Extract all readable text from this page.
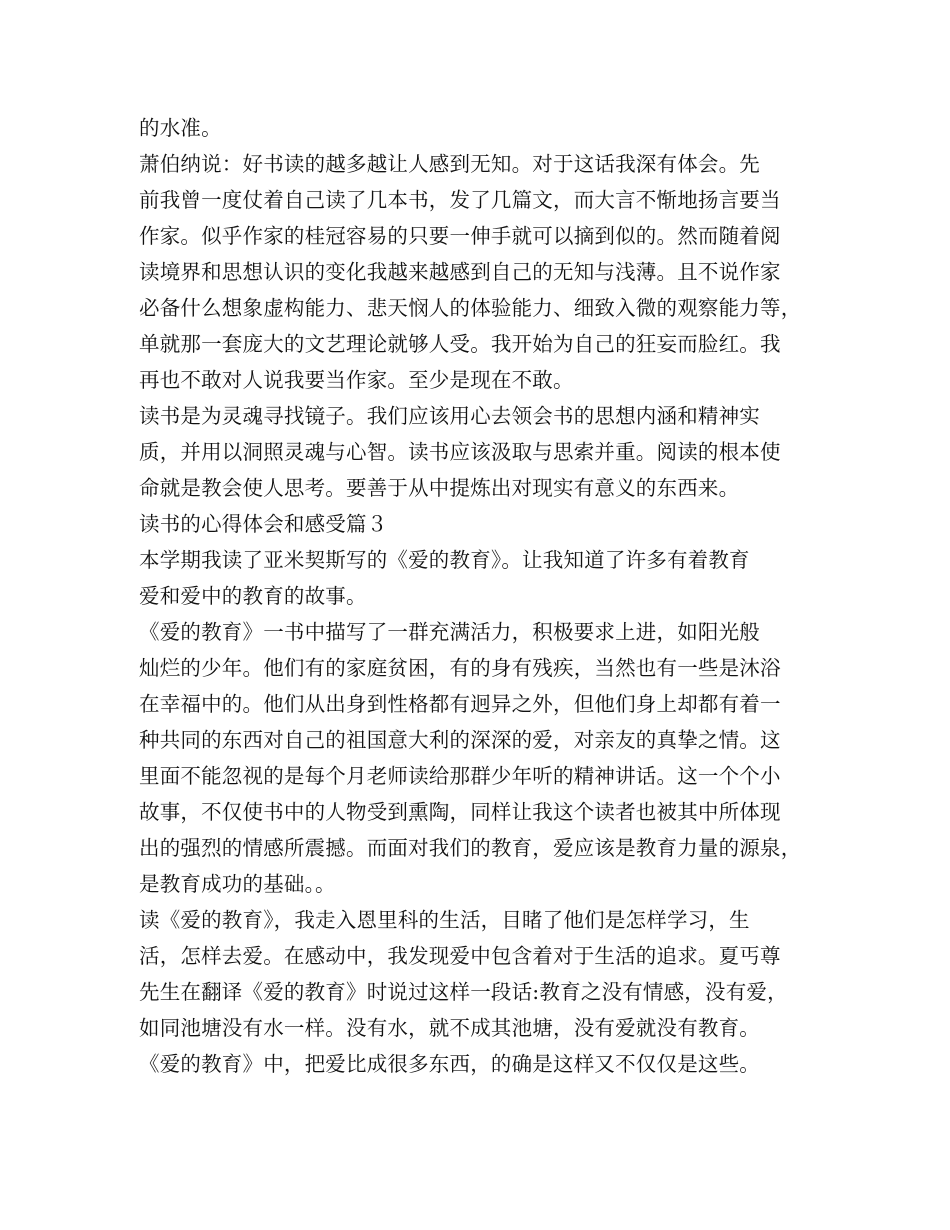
的水准。
萧伯纳说：好书读的越多越让人感到无知。对于这话我深有体会。先
前我曾一度仗着自己读了几本书，发了几篇文，而大言不惭地扬言要当
作家。似乎作家的桂冠容易的只要一伸手就可以摘到似的。然而随着阅
读境界和思想认识的变化我越来越感到自己的无知与浅薄。且不说作家
必备什么想象虚构能力、悲天悯人的体验能力、细致入微的观察能力等，
单就那一套庞大的文艺理论就够人受。我开始为自己的狂妄而脸红。我
再也不敢对人说我要当作家。至少是现在不敢。
读书是为灵魂寻找镜子。我们应该用心去领会书的思想内涵和精神实
质，并用以洞照灵魂与心智。读书应该汲取与思索并重。阅读的根本使
命就是教会使人思考。要善于从中提炼出对现实有意义的东西来。
读书的心得体会和感受篇３
本学期我读了亚米契斯写的《爱的教育》。让我知道了许多有着教育
爱和爱中的教育的故事。
《爱的教育》一书中描写了一群充满活力，积极要求上进，如阳光般
灿烂的少年。他们有的家庭贫困，有的身有残疾，当然也有一些是沐浴
在幸福中的。他们从出身到性格都有迥异之外，但他们身上却都有着一
种共同的东西对自己的祖国意大利的深深的爱，对亲友的真挚之情。这
里面不能忽视的是每个月老师读给那群少年听的精神讲话。这一个个小
故事，不仅使书中的人物受到熏陶，同样让我这个读者也被其中所体现
出的强烈的情感所震撼。而面对我们的教育，爱应该是教育力量的源泉，
是教育成功的基础。。
读《爱的教育》，我走入恩里科的生活，目睹了他们是怎样学习，生
活，怎样去爱。在感动中，我发现爱中包含着对于生活的追求。夏丐尊
先生在翻译《爱的教育》时说过这样一段话:教育之没有情感，没有爱，
如同池塘没有水一样。没有水，就不成其池塘，没有爱就没有教育。
《爱的教育》中，把爱比成很多东西，的确是这样又不仅仅是这些。
